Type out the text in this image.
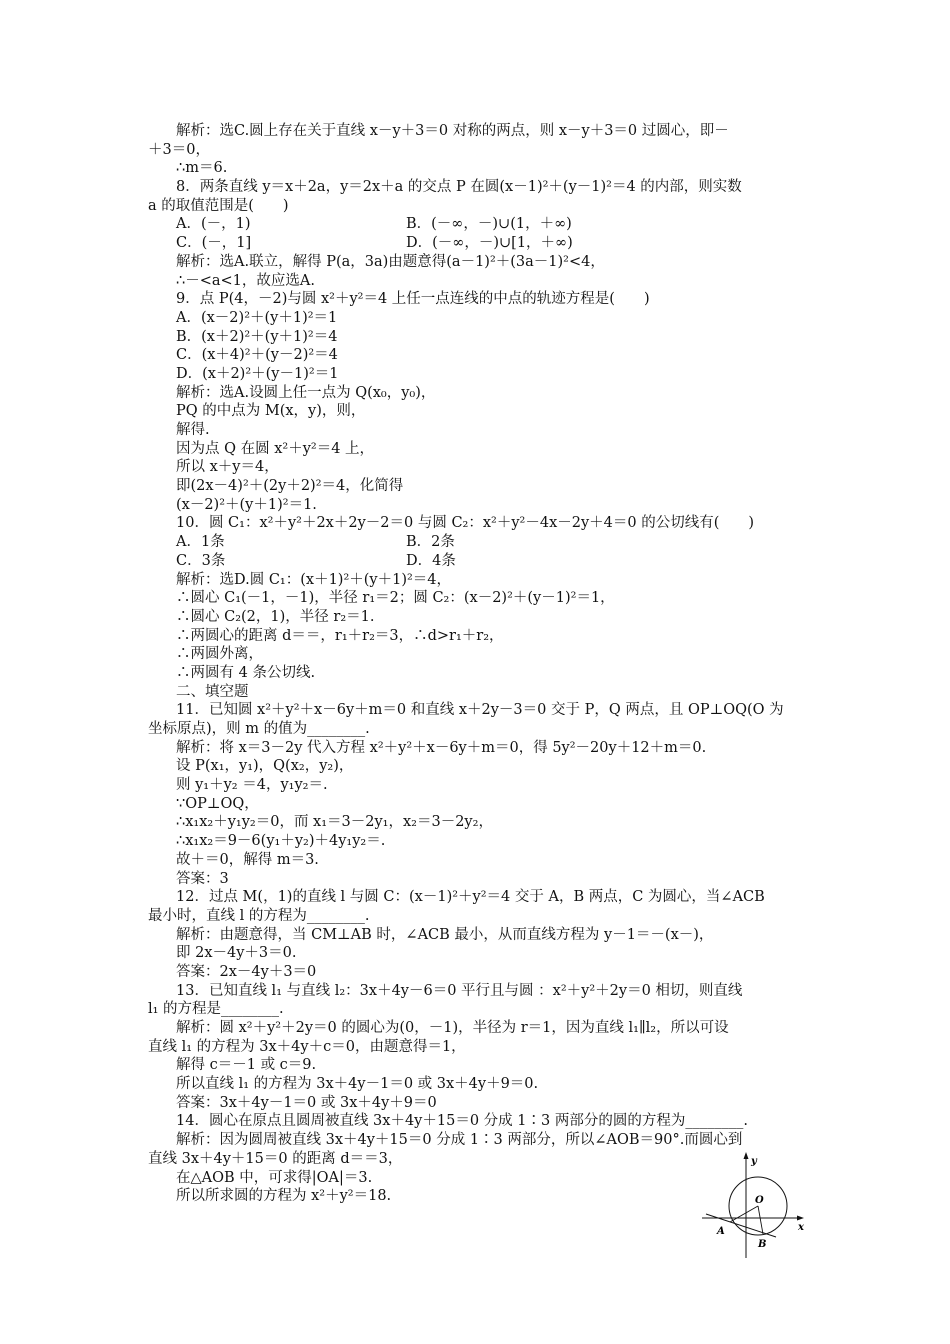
解析：选C.圆上存在关于直线 x－y＋3＝0 对称的两点，则 x－y＋3＝0 过圆心，即－
＋3＝0，
∴m＝6.
8．两条直线 y＝x＋2a，y＝2x＋a 的交点 P 在圆(x－1)²＋(y－1)²＝4 的内部，则实数
a 的取值范围是(　　)
A．(－，1)	B．(－∞，－)∪(1，＋∞)
C．(－，1]	D．(－∞，－)∪[1，＋∞)
解析：选A.联立，解得 P(a，3a)由题意得(a－1)²＋(3a－1)²<4，
∴－<a<1，故应选A.
9．点 P(4，－2)与圆 x²＋y²＝4 上任一点连线的中点的轨迹方程是(　　)
A．(x－2)²＋(y＋1)²＝1
B．(x＋2)²＋(y＋1)²＝4
C．(x＋4)²＋(y－2)²＝4
D．(x＋2)²＋(y－1)²＝1
解析：选A.设圆上任一点为 Q(x₀，y₀)，
PQ 的中点为 M(x，y)，则，
解得.
因为点 Q 在圆 x²＋y²＝4 上，
所以 x＋y＝4，
即(2x－4)²＋(2y＋2)²＝4，化简得
(x－2)²＋(y＋1)²＝1.
10．圆 C₁：x²＋y²＋2x＋2y－2＝0 与圆 C₂：x²＋y²－4x－2y＋4＝0 的公切线有(　　)
A．1条	B．2条
C．3条	D．4条
解析：选D.圆 C₁：(x＋1)²＋(y＋1)²＝4，
∴圆心 C₁(－1，－1)，半径 r₁＝2；圆 C₂：(x－2)²＋(y－1)²＝1，
∴圆心 C₂(2，1)，半径 r₂＝1.
∴两圆心的距离 d＝＝，r₁＋r₂＝3，∴d>r₁＋r₂，
∴两圆外离，
∴两圆有 4 条公切线.
二、填空题
11．已知圆 x²＋y²＋x－6y＋m＝0 和直线 x＋2y－3＝0 交于 P，Q 两点，且 OP⊥OQ(O 为
坐标原点)，则 m 的值为________.
解析：将 x＝3－2y 代入方程 x²＋y²＋x－6y＋m＝0，得 5y²－20y＋12＋m＝0.
设 P(x₁，y₁)，Q(x₂，y₂)，
则 y₁＋y₂ ＝4，y₁y₂＝.
∵OP⊥OQ，
∴x₁x₂＋y₁y₂＝0，而 x₁＝3－2y₁，x₂＝3－2y₂，
∴x₁x₂＝9－6(y₁＋y₂)＋4y₁y₂＝.
故＋＝0，解得 m＝3.
答案：3
12．过点 M(，1)的直线 l 与圆 C：(x－1)²＋y²＝4 交于 A，B 两点，C 为圆心，当∠ACB
最小时，直线 l 的方程为________.
解析：由题意得，当 CM⊥AB 时，∠ACB 最小，从而直线方程为 y－1＝－(x－)，
即 2x－4y＋3＝0.
答案：2x－4y＋3＝0
13．已知直线 l₁ 与直线 l₂：3x＋4y－6＝0 平行且与圆 ：x²＋y²＋2y＝0 相切，则直线
l₁ 的方程是________.
解析：圆 x²＋y²＋2y＝0 的圆心为(0，－1)，半径为 r＝1，因为直线 l₁∥l₂，所以可设
直线 l₁ 的方程为 3x＋4y＋c＝0，由题意得＝1，
解得 c＝－1 或 c＝9.
所以直线 l₁ 的方程为 3x＋4y－1＝0 或 3x＋4y＋9＝0.
答案：3x＋4y－1＝0 或 3x＋4y＋9＝0
14．圆心在原点且圆周被直线 3x＋4y＋15＝0 分成 1∶3 两部分的圆的方程为________.
解析：因为圆周被直线 3x＋4y＋15＝0 分成 1∶3 两部分，所以∠AOB＝90°.而圆心到
直线 3x＋4y＋15＝0 的距离 d＝＝3，
在△AOB 中，可求得|OA|＝3.
所以所求圆的方程为 x²＋y²＝18.
y
x
O
A
B
